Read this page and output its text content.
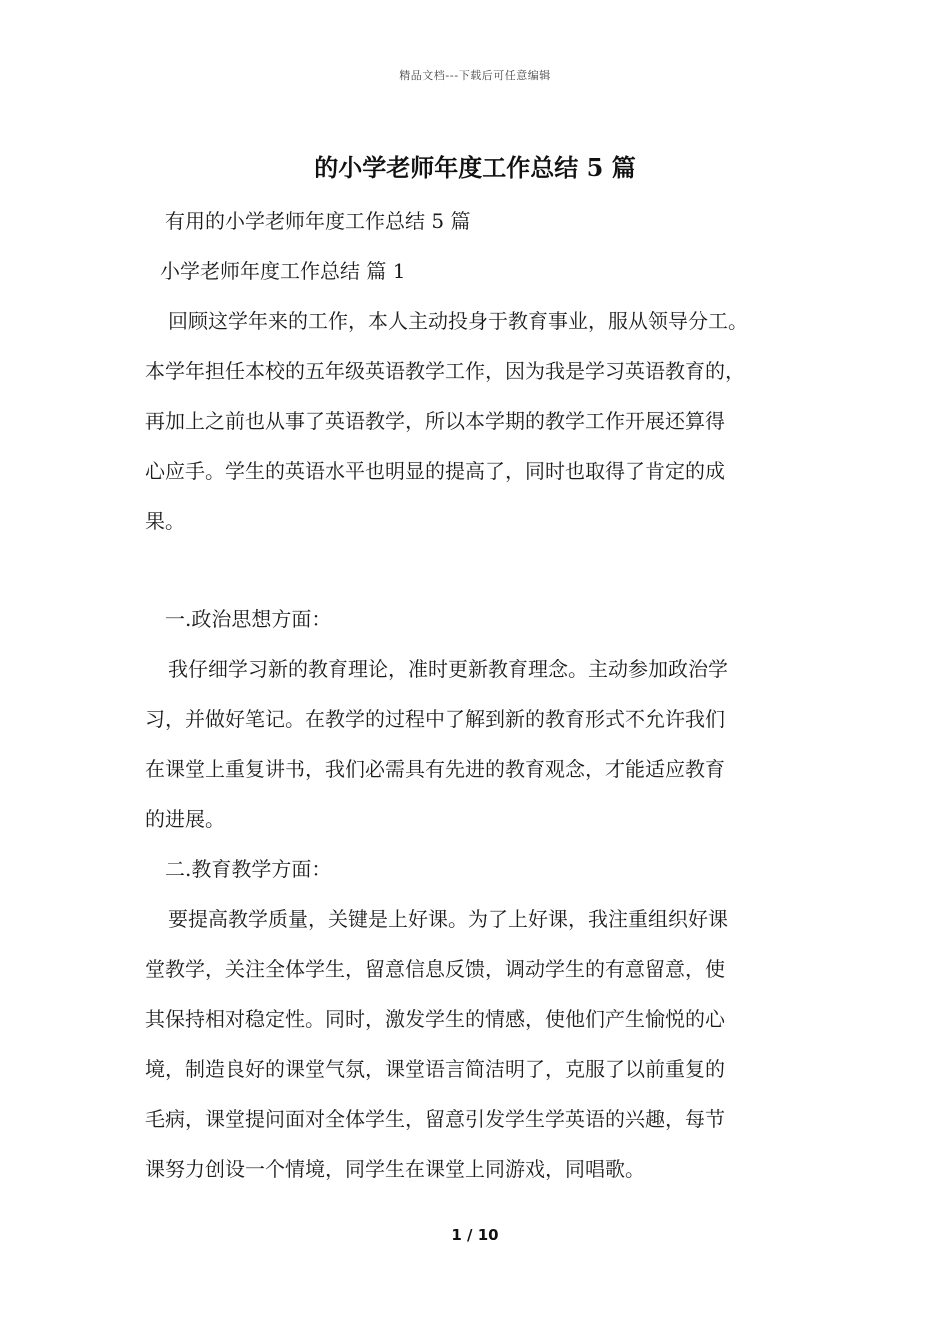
精品文档---下载后可任意编辑
的小学老师年度工作总结 5 篇
有用的小学老师年度工作总结 5 篇
小学老师年度工作总结 篇 1
回顾这学年来的工作，本人主动投身于教育事业，服从领导分工。
本学年担任本校的五年级英语教学工作，因为我是学习英语教育的，
再加上之前也从事了英语教学，所以本学期的教学工作开展还算得
心应手。学生的英语水平也明显的提高了，同时也取得了肯定的成
果。
一.政治思想方面：
我仔细学习新的教育理论，准时更新教育理念。主动参加政治学
习，并做好笔记。在教学的过程中了解到新的教育形式不允许我们
在课堂上重复讲书，我们必需具有先进的教育观念，才能适应教育
的进展。
二.教育教学方面：
要提高教学质量，关键是上好课。为了上好课，我注重组织好课
堂教学，关注全体学生，留意信息反馈，调动学生的有意留意，使
其保持相对稳定性。同时，激发学生的情感，使他们产生愉悦的心
境，制造良好的课堂气氛，课堂语言简洁明了，克服了以前重复的
毛病，课堂提问面对全体学生，留意引发学生学英语的兴趣，每节
课努力创设一个情境，同学生在课堂上同游戏，同唱歌。
1 / 10
